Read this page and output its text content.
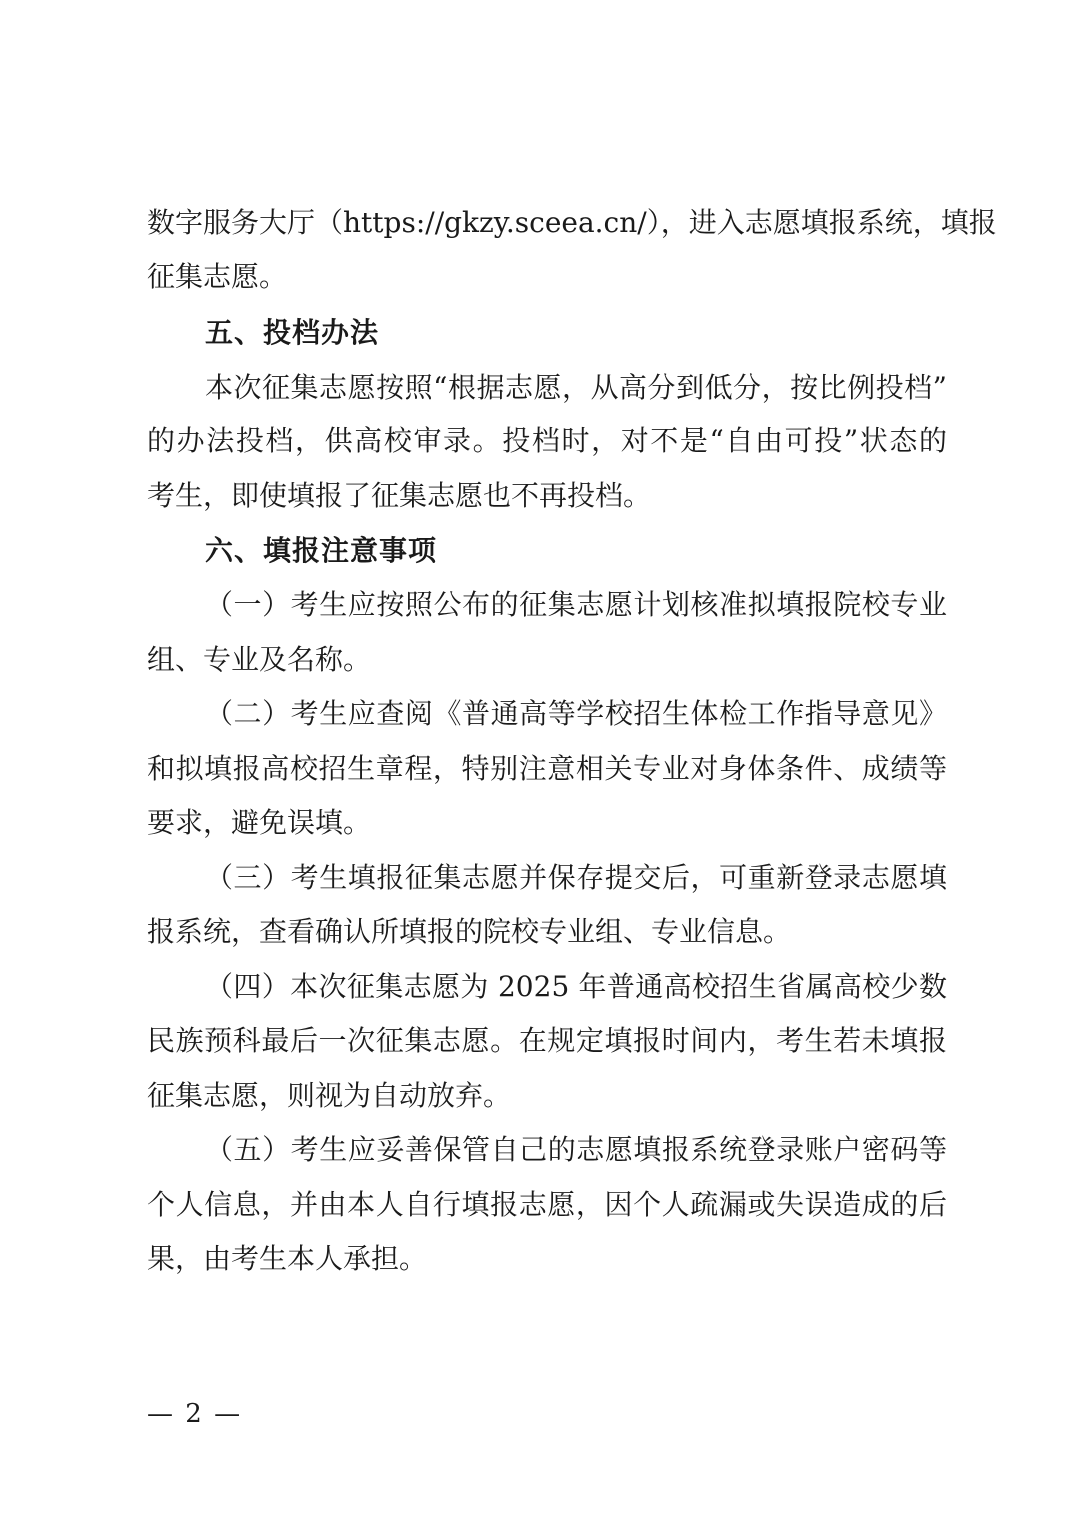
数字服务大厅（https://gkzy.sceea.cn/），进入志愿填报系统，填报
征集志愿。
五、投档办法
本次征集志愿按照“根据志愿，从高分到低分，按比例投档”
的办法投档，供高校审录。投档时，对不是“自由可投”状态的
考生，即使填报了征集志愿也不再投档。
六、填报注意事项
（一）考生应按照公布的征集志愿计划核准拟填报院校专业
组、专业及名称。
（二）考生应查阅《普通高等学校招生体检工作指导意见》
和拟填报高校招生章程，特别注意相关专业对身体条件、成绩等
要求，避免误填。
（三）考生填报征集志愿并保存提交后，可重新登录志愿填
报系统，查看确认所填报的院校专业组、专业信息。
（四）本次征集志愿为 2025 年普通高校招生省属高校少数
民族预科最后一次征集志愿。在规定填报时间内，考生若未填报
征集志愿，则视为自动放弃。
（五）考生应妥善保管自己的志愿填报系统登录账户密码等
个人信息，并由本人自行填报志愿，因个人疏漏或失误造成的后
果，由考生本人承担。
— 2 —
